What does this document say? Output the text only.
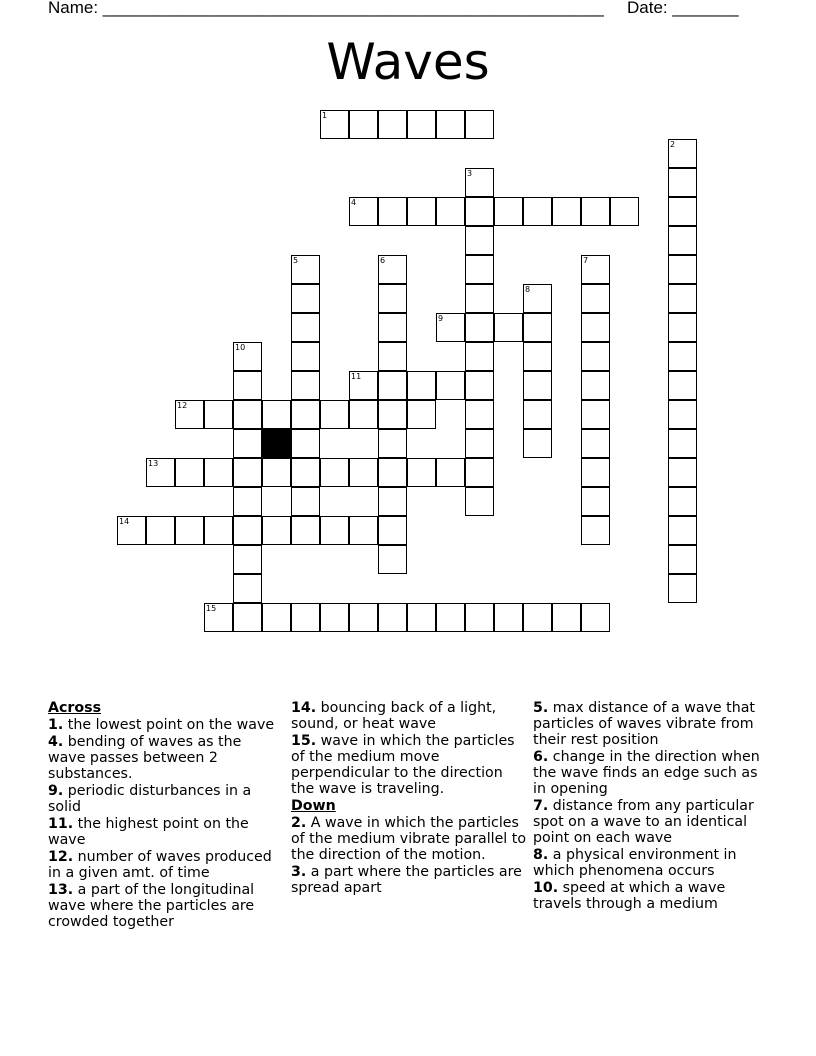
Name: _____________________________________________________ Date: _______
Waves
1
2
3
4
5	6	7
8
9
10
11
12
13
14
15
Across
1. the lowest point on the wave
4. bending of waves as the wave passes between 2 substances.
9. periodic disturbances in a solid
11. the highest point on the wave
12. number of waves produced in a given amt. of time
13. a part of the longitudinal wave where the particles are crowded together
14. bouncing back of a light, sound, or heat wave
15. wave in which the particles of the medium move perpendicular to the direction the wave is traveling.
Down
2. A wave in which the particles of the medium vibrate parallel to the direction of the motion.
3. a part where the particles are spread apart
5. max distance of a wave that particles of waves vibrate from their rest position
6. change in the direction when the wave finds an edge such as in opening
7. distance from any particular spot on a wave to an identical point on each wave
8. a physical environment in which phenomena occurs
10. speed at which a wave travels through a medium
